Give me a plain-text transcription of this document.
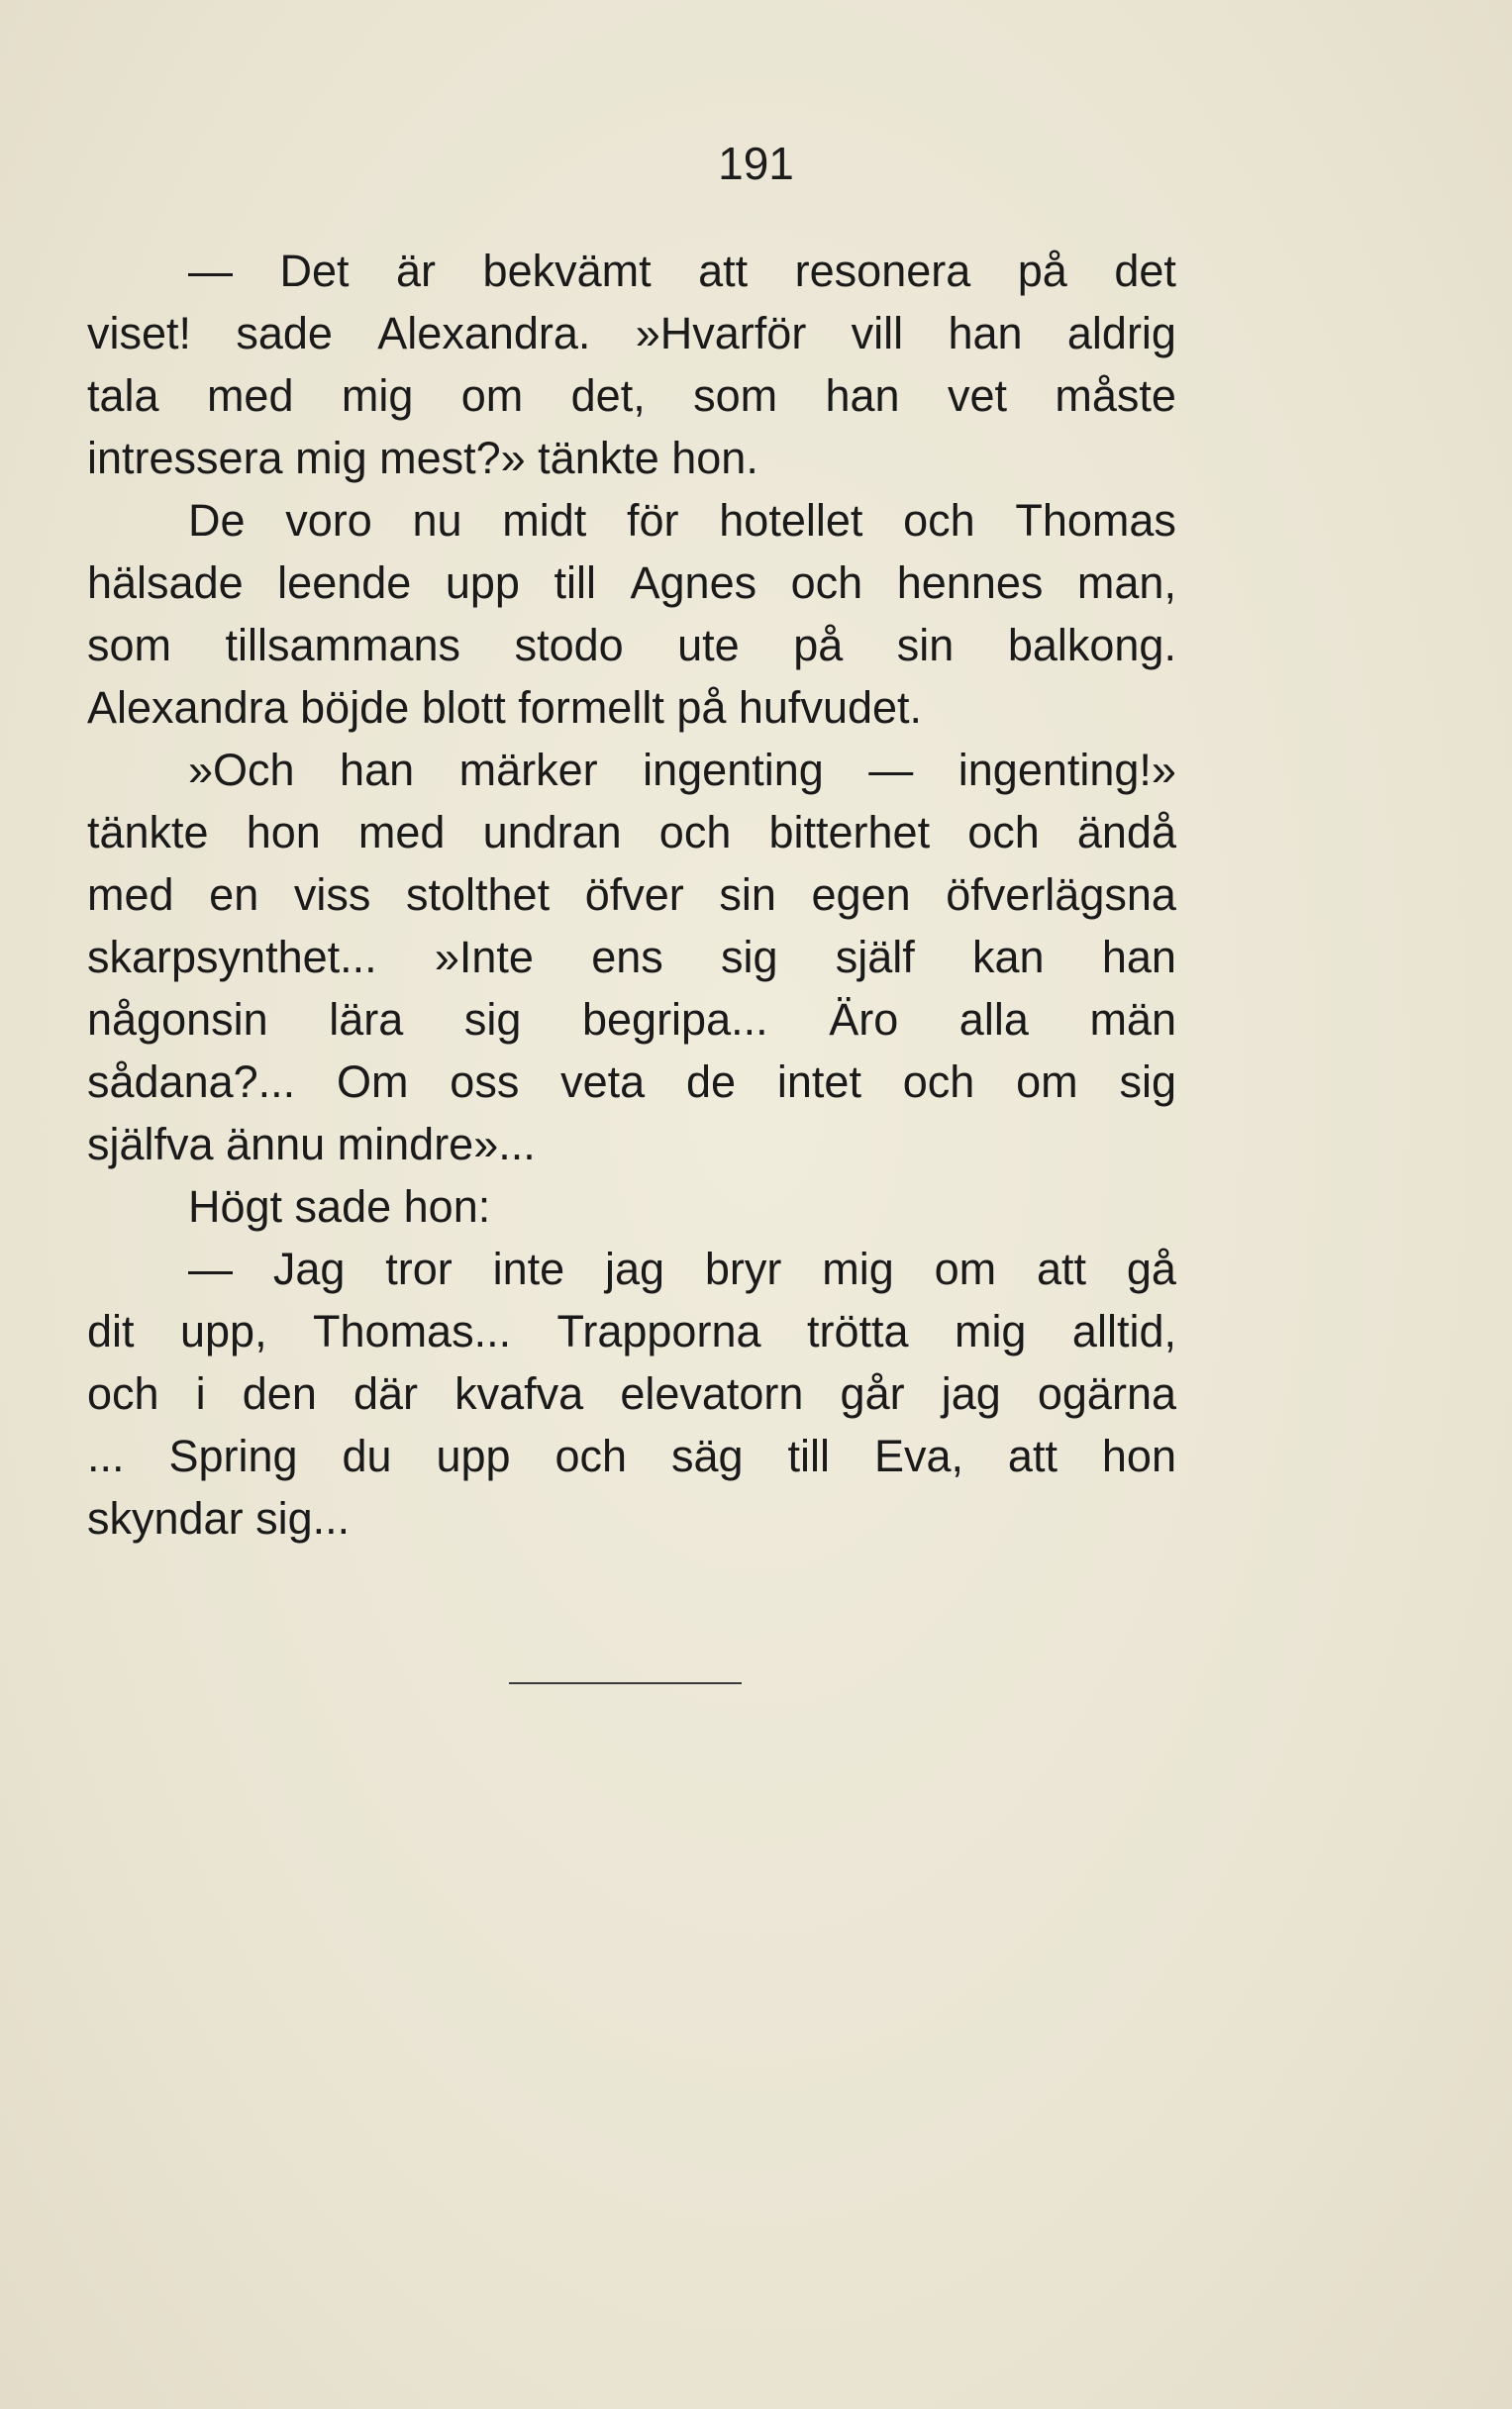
191
— Det är bekvämt att resonera på det
viset! sade Alexandra. »Hvarför vill han aldrig
tala med mig om det, som han vet måste
intressera mig mest?» tänkte hon.
De voro nu midt för hotellet och Thomas
hälsade leende upp till Agnes och hennes man,
som tillsammans stodo ute på sin balkong.
Alexandra böjde blott formellt på hufvudet.
»Och han märker ingenting — ingenting!»
tänkte hon med undran och bitterhet och ändå
med en viss stolthet öfver sin egen öfverlägsna
skarpsynthet... »Inte ens sig själf kan han
någonsin lära sig begripa... Äro alla män
sådana?... Om oss veta de intet och om sig
själfva ännu mindre»...
Högt sade hon:
— Jag tror inte jag bryr mig om att gå
dit upp, Thomas... Trapporna trötta mig alltid,
och i den där kvafva elevatorn går jag ogärna
... Spring du upp och säg till Eva, att hon
skyndar sig...
